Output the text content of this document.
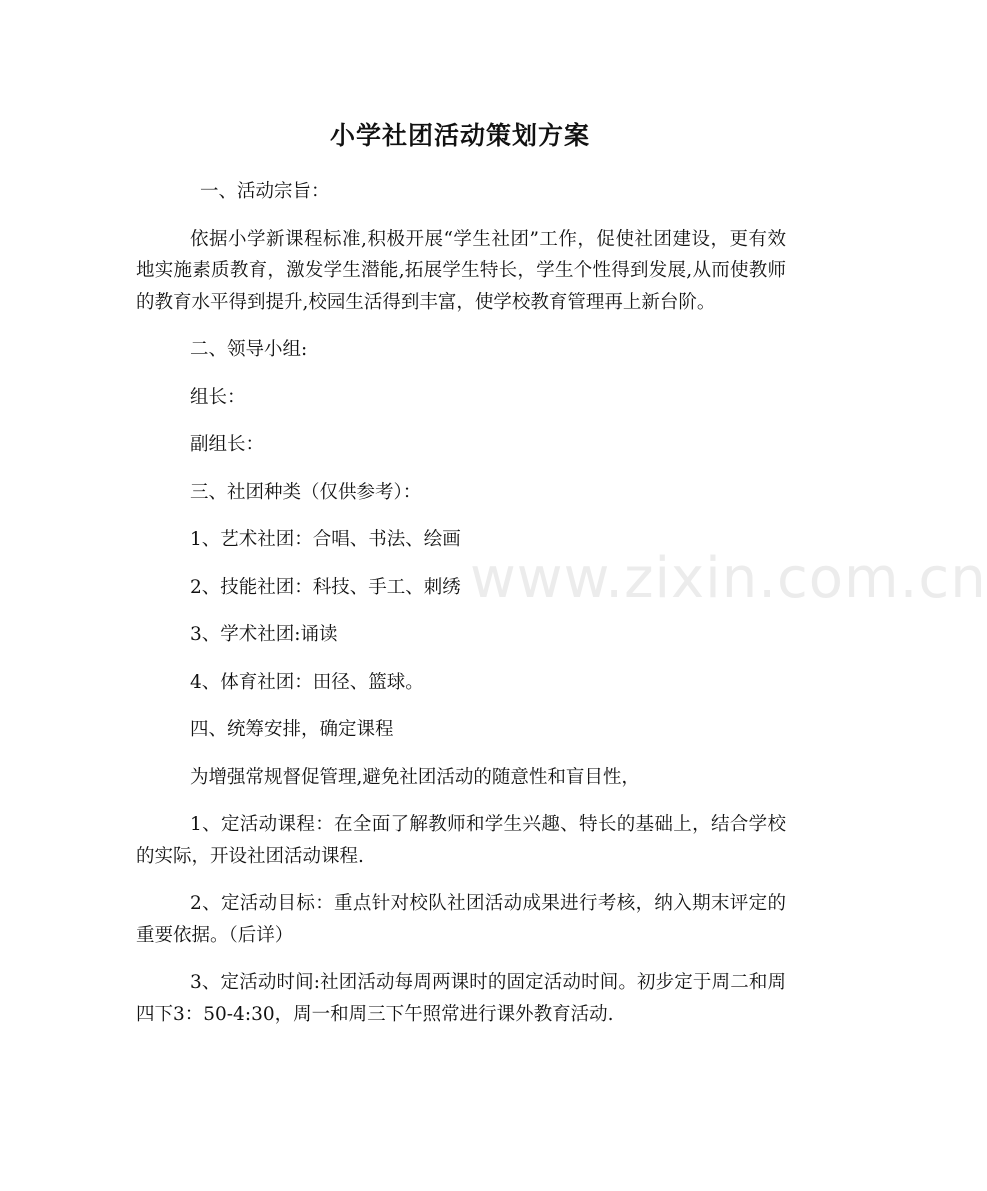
www.zixin.com.cn
小学社团活动策划方案

一、活动宗旨：

依据小学新课程标准,积极开展“学生社团”工作，促使社团建设，更有效地实施素质教育，激发学生潜能,拓展学生特长，学生个性得到发展,从而使教师的教育水平得到提升,校园生活得到丰富，使学校教育管理再上新台阶。

二、领导小组:

组长：

副组长：

三、社团种类（仅供参考）：

1、艺术社团：合唱、书法、绘画

2、技能社团：科技、手工、刺绣

3、学术社团:诵读

4、体育社团：田径、篮球。

四、统筹安排，确定课程

为增强常规督促管理,避免社团活动的随意性和盲目性，

1、定活动课程：在全面了解教师和学生兴趣、特长的基础上，结合学校的实际，开设社团活动课程.

2、定活动目标：重点针对校队社团活动成果进行考核，纳入期末评定的重要依据。（后详）

3、定活动时间:社团活动每周两课时的固定活动时间。初步定于周二和周四下3：50-4:30，周一和周三下午照常进行课外教育活动.
